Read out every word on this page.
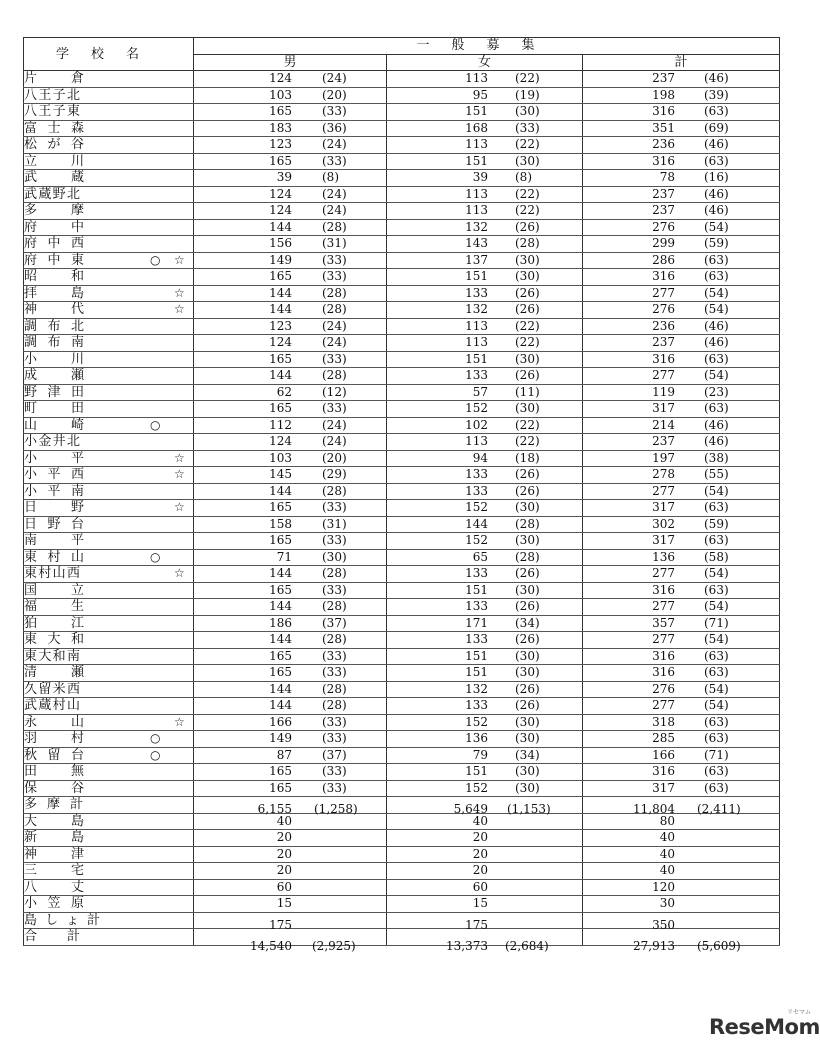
学校名	一般募集		
	男	女	計
片倉	124 (24)	113 (22)	237 (46)

八王子北	103 (20)	95 (19)	198 (39)

八王子東	165 (33)	151 (30)	316 (63)

富士森	183 (36)	168 (33)	351 (69)

松が谷	123 (24)	113 (22)	236 (46)

立川	165 (33)	151 (30)	316 (63)

武蔵	39 (8)	39 (8)	78 (16)

武蔵野北	124 (24)	113 (22)	237 (46)

多摩	124 (24)	113 (22)	237 (46)

府中	144 (28)	132 (26)	276 (54)

府中西	156 (31)	143 (28)	299 (59)

府中東 ○ ☆	149 (33)	137 (30)	286 (63)

昭和	165 (33)	151 (30)	316 (63)

拝島 ☆	144 (28)	133 (26)	277 (54)

神代 ☆	144 (28)	132 (26)	276 (54)

調布北	123 (24)	113 (22)	236 (46)

調布南	124 (24)	113 (22)	237 (46)

小川	165 (33)	151 (30)	316 (63)

成瀬	144 (28)	133 (26)	277 (54)

野津田	62 (12)	57 (11)	119 (23)

町田	165 (33)	152 (30)	317 (63)

山崎 ○	112 (24)	102 (22)	214 (46)

小金井北	124 (24)	113 (22)	237 (46)

小平 ☆	103 (20)	94 (18)	197 (38)

小平西 ☆	145 (29)	133 (26)	278 (55)

小平南	144 (28)	133 (26)	277 (54)

日野 ☆	165 (33)	152 (30)	317 (63)

日野台	158 (31)	144 (28)	302 (59)

南平	165 (33)	152 (30)	317 (63)

東村山 ○	71 (30)	65 (28)	136 (58)

東村山西 ☆	144 (28)	133 (26)	277 (54)

国立	165 (33)	151 (30)	316 (63)

福生	144 (28)	133 (26)	277 (54)

狛江	186 (37)	171 (34)	357 (71)

東大和	144 (28)	133 (26)	277 (54)

東大和南	165 (33)	151 (30)	316 (63)

清瀬	165 (33)	151 (30)	316 (63)

久留米西	144 (28)	132 (26)	276 (54)

武蔵村山	144 (28)	133 (26)	277 (54)

永山 ☆	166 (33)	152 (30)	318 (63)

羽村 ○	149 (33)	136 (30)	285 (63)

秋留台 ○	87 (37)	79 (34)	166 (71)

田無	165 (33)	151 (30)	316 (63)

保谷	165 (33)	152 (30)	317 (63)

多摩計	6,155 (1,258)	5,649 (1,153)	11,804 (2,411)

大島	40	40	80

新島	20	20	40

神津	20	20	40

三宅	20	20	40

八丈	60	60	120

小笠原	15	15	30

島しょ計	175	175	350

合計	14,540 (2,925)	13,373 (2,684)	27,913 (5,609)
ReseMom
リセマム
